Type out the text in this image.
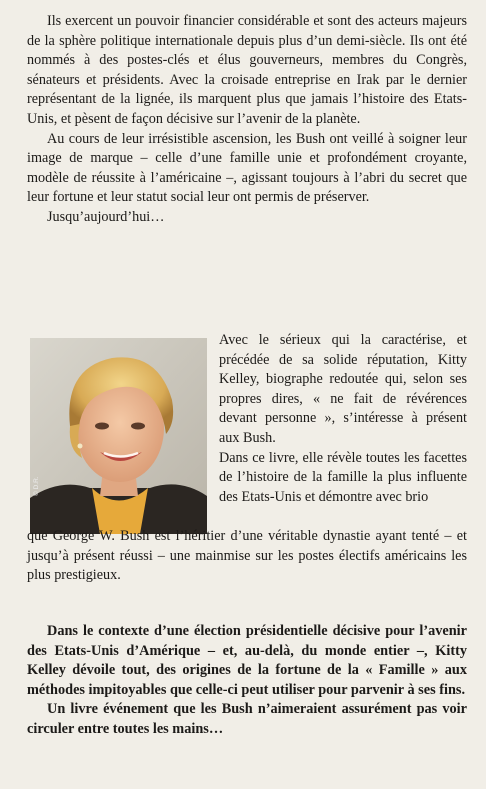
Ils exercent un pouvoir financier considérable et sont des acteurs majeurs de la sphère politique internationale depuis plus d’un demi-siècle. Ils ont été nommés à des postes-clés et élus gouverneurs, membres du Congrès, sénateurs et présidents. Avec la croisade entreprise en Irak par le dernier représentant de la lignée, ils marquent plus que jamais l’histoire des Etats-Unis, et pèsent de façon décisive sur l’avenir de la planète.

Au cours de leur irrésistible ascension, les Bush ont veillé à soigner leur image de marque – celle d’une famille unie et profondément croyante, modèle de réussite à l’américaine –, agissant toujours à l’abri du secret que leur fortune et leur statut social leur ont permis de préserver.

Jusqu’aujourd’hui…

© D.R.

Avec le sérieux qui la caractérise, et précédée de sa solide réputation, Kitty Kelley, biographe redoutée qui, selon ses propres dires, « ne fait de révérences devant personne », s’intéresse à présent aux Bush.

Dans ce livre, elle révèle toutes les facettes de l’histoire de la famille la plus influente des Etats-Unis et démontre avec brio

que George W. Bush est l’héritier d’une véritable dynastie ayant tenté – et jusqu’à présent réussi – une mainmise sur les postes électifs américains les plus prestigieux.

Dans le contexte d’une élection présidentielle décisive pour l’avenir des Etats-Unis d’Amérique – et, au-delà, du monde entier –, Kitty Kelley dévoile tout, des origines de la fortune de la « Famille » aux méthodes impitoyables que celle-ci peut utiliser pour parvenir à ses fins.

Un livre événement que les Bush n’aimeraient assurément pas voir circuler entre toutes les mains…
